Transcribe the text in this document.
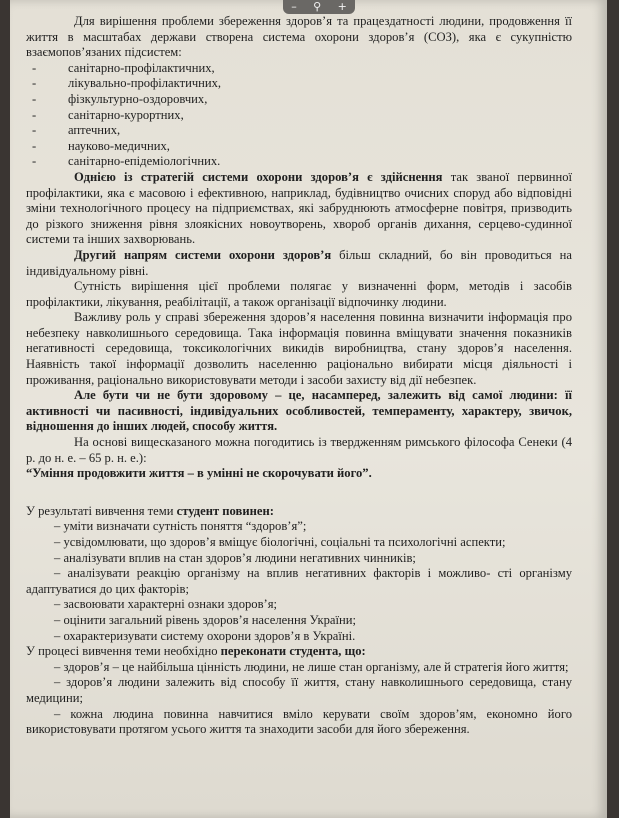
– ⚲ +

Для вирішення проблеми збереження здоров’я та працездатності людини, продовження її життя в масштабах держави створена система охорони здоров’я (СОЗ), яка є сукупністю взаємопов’язаних підсистем:

-	санітарно-профілактичних,

-	лікувально-профілактичних,

-	фізкультурно-оздоровчих,

-	санітарно-курортних,

-	аптечних,

-	науково-медичних,

-	санітарно-епідеміологічних.

Однією із стратегій системи охорони здоров’я є здійснення так званої первинної профілактики, яка є масовою і ефективною, наприклад, будівництво очисних споруд або відповідні зміни технологічного процесу на підприємствах, які забруднюють атмосферне повітря, призводить до різкого зниження рівня злоякісних новоутворень, хвороб органів дихання, серцево-судинної системи та інших захворювань.

Другий напрям системи охорони здоров’я більш складний, бо він проводиться на індивідуальному рівні.

Сутність вирішення цієї проблеми полягає у визначенні форм, методів і засобів профілактики, лікування, реабілітації, а також організації відпочинку людини.

Важливу роль у справі збереження здоров’я населення повинна визначити інформація про небезпеку навколишнього середовища. Така інформація повинна вміщувати значення показників негативності середовища, токсикологічних викидів виробництва, стану здоров’я населення. Наявність такої інформації дозволить населенню раціонально вибирати місця діяльності і проживання, раціонально використовувати методи і засоби захисту від дії небезпек.

Але бути чи не бути здоровому – це, насамперед, залежить від самої людини: її активності чи пасивності, індивідуальних особливостей, темпераменту, характеру, звичок, відношення до інших людей, способу життя.

На основі вищесказаного можна погодитись із твердженням римського філософа Сенеки (4 р. до н. е. – 65 р. н. е.):

“Уміння продовжити життя – в умінні не скорочувати його”.

У результаті вивчення теми студент повинен:

– уміти визначати сутність поняття “здоров’я”;

– усвідомлювати, що здоров’я вміщує біологічні, соціальні та психологічні аспекти;

– аналізувати вплив на стан здоров’я людини негативних чинників;

– аналізувати реакцію організму на вплив негативних факторів і можливо- сті організму адаптуватися до цих факторів;

– засвоювати характерні ознаки здоров’я;

– оцінити загальний рівень здоров’я населення України;

– охарактеризувати систему охорони здоров’я в Україні.

У процесі вивчення теми необхідно переконати студента, що:

– здоров’я – це найбільша цінність людини, не лише стан організму, але й стратегія його життя;

– здоров’я людини залежить від способу її життя, стану навколишнього середовища, стану медицини;

– кожна людина повинна навчитися вміло керувати своїм здоров’ям, економно його використовувати протягом усього життя та знаходити засоби для його збереження.
